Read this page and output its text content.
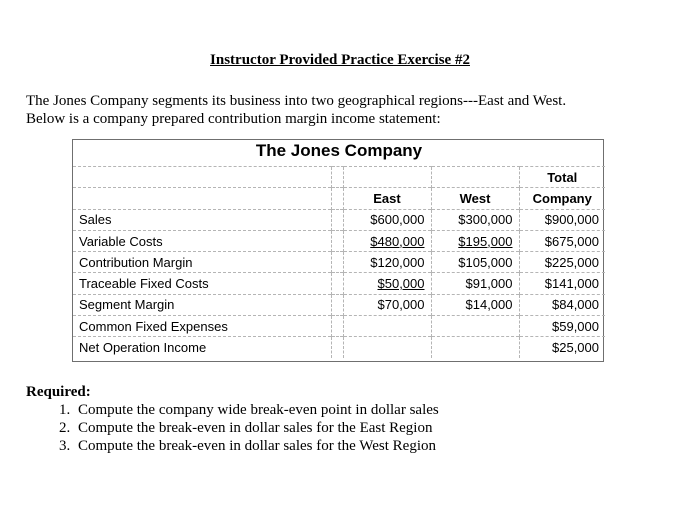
Instructor Provided Practice Exercise #2
The Jones Company segments its business into two geographical regions---East and West.
Below is a company prepared contribution margin income statement:
The Jones Company
				Total
		East	West	Company
Sales		$600,000	$300,000	$900,000
Variable Costs		$480,000	$195,000	$675,000
Contribution Margin		$120,000	$105,000	$225,000
Traceable Fixed Costs		$50,000	$91,000	$141,000
Segment Margin		$70,000	$14,000	$84,000
Common Fixed Expenses				$59,000
Net Operation Income				$25,000
Required:
1. Compute the company wide break-even point in dollar sales
2. Compute the break-even in dollar sales for the East Region
3. Compute the break-even in dollar sales for the West Region
